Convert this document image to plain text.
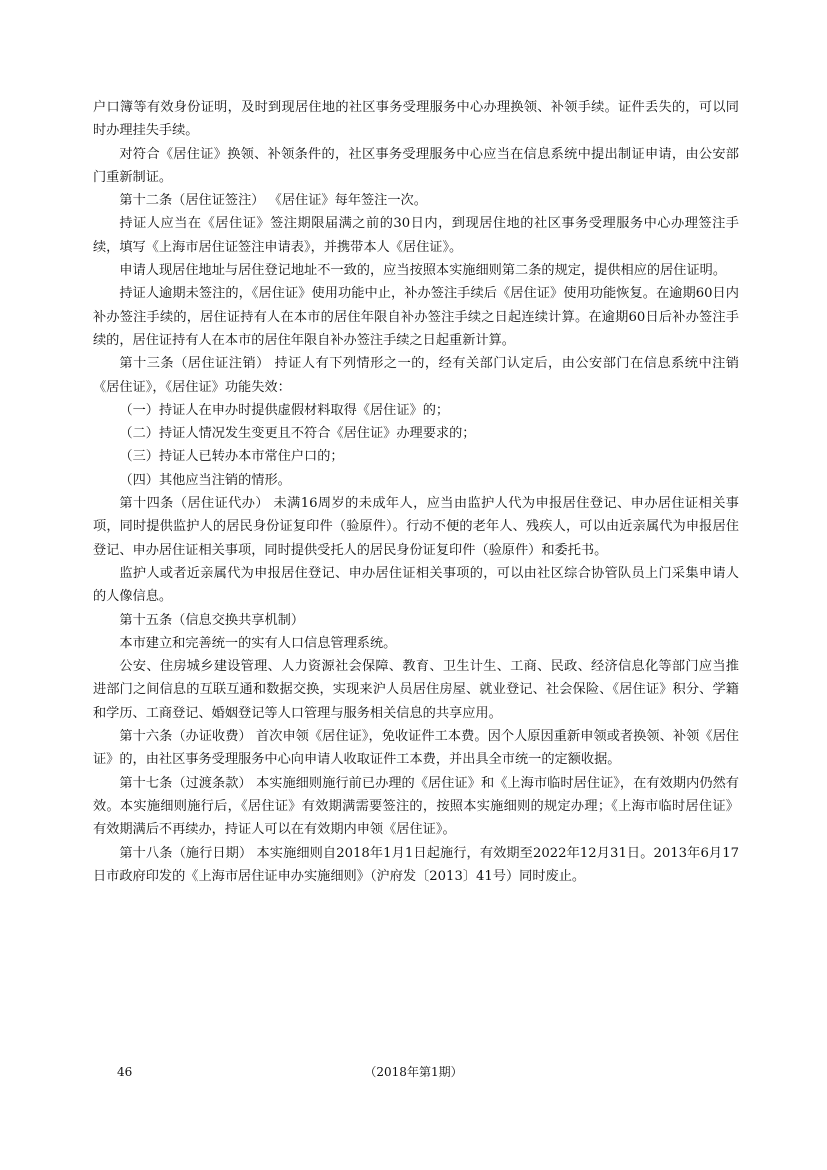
户口簿等有效身份证明，及时到现居住地的社区事务受理服务中心办理换领、补领手续。证件丢失的，可以同时办理挂失手续。

对符合《居住证》换领、补领条件的，社区事务受理服务中心应当在信息系统中提出制证申请，由公安部门重新制证。

第十二条（居住证签注） 《居住证》每年签注一次。

持证人应当在《居住证》签注期限届满之前的30日内，到现居住地的社区事务受理服务中心办理签注手续，填写《上海市居住证签注申请表》，并携带本人《居住证》。

申请人现居住地址与居住登记地址不一致的，应当按照本实施细则第二条的规定，提供相应的居住证明。

持证人逾期未签注的，《居住证》使用功能中止，补办签注手续后《居住证》使用功能恢复。在逾期60日内补办签注手续的，居住证持有人在本市的居住年限自补办签注手续之日起连续计算。在逾期60日后补办签注手续的，居住证持有人在本市的居住年限自补办签注手续之日起重新计算。

第十三条（居住证注销） 持证人有下列情形之一的，经有关部门认定后，由公安部门在信息系统中注销《居住证》，《居住证》功能失效：

（一）持证人在申办时提供虚假材料取得《居住证》的；

（二）持证人情况发生变更且不符合《居住证》办理要求的；

（三）持证人已转办本市常住户口的；

（四）其他应当注销的情形。

第十四条（居住证代办） 未满16周岁的未成年人，应当由监护人代为申报居住登记、申办居住证相关事项，同时提供监护人的居民身份证复印件（验原件）。行动不便的老年人、残疾人，可以由近亲属代为申报居住登记、申办居住证相关事项，同时提供受托人的居民身份证复印件（验原件）和委托书。

监护人或者近亲属代为申报居住登记、申办居住证相关事项的，可以由社区综合协管队员上门采集申请人的人像信息。

第十五条（信息交换共享机制）

本市建立和完善统一的实有人口信息管理系统。

公安、住房城乡建设管理、人力资源社会保障、教育、卫生计生、工商、民政、经济信息化等部门应当推进部门之间信息的互联互通和数据交换，实现来沪人员居住房屋、就业登记、社会保险、《居住证》积分、学籍和学历、工商登记、婚姻登记等人口管理与服务相关信息的共享应用。

第十六条（办证收费） 首次申领《居住证》，免收证件工本费。因个人原因重新申领或者换领、补领《居住证》的，由社区事务受理服务中心向申请人收取证件工本费，并出具全市统一的定额收据。

第十七条（过渡条款） 本实施细则施行前已办理的《居住证》和《上海市临时居住证》，在有效期内仍然有效。本实施细则施行后，《居住证》有效期满需要签注的，按照本实施细则的规定办理；《上海市临时居住证》有效期满后不再续办，持证人可以在有效期内申领《居住证》。

第十八条（施行日期） 本实施细则自2018年1月1日起施行，有效期至2022年12月31日。2013年6月17日市政府印发的《上海市居住证申办实施细则》（沪府发〔2013〕41号）同时废止。

46	（2018年第1期）
